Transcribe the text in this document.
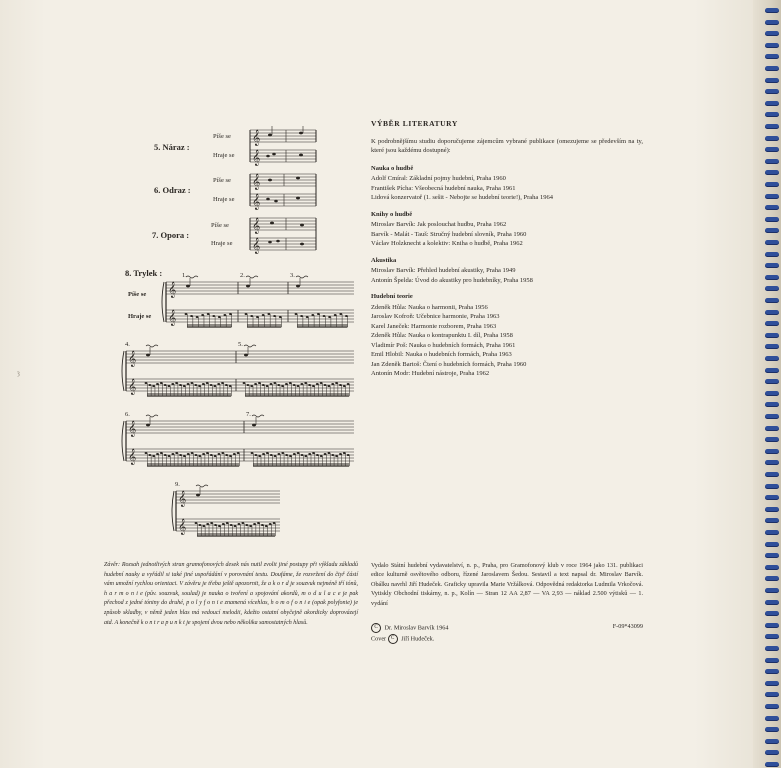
5. Náraz :
Píše se
Hraje se
𝄞
𝄞
6. Odraz :
Píše se
Hraje se
𝄞
𝄞
7. Opora :
Píše se
Hraje se
𝄞
𝄞
8. Trylek :
Píše se
Hraje se
𝄞
𝄞
𝄞
𝄞
𝄞
𝄞
𝄞
𝄞
1.	2.	3.
4.	5.
6.	7.
9.
ȝ
VÝBĚR LITERATURY
K podrobnějšímu studiu doporučujeme zájemcům vybrané publikace (omezujeme se především na ty, které jsou každému dostupné):
Nauka o hudbě
Adolf Cmíral: Základní pojmy hudební, Praha 1960
František Pícha: Všeobecná hudební nauka, Praha 1961
Lidová konzervatoř (1. sešit - Nebojte se hudební teorie!), Praha 1964
Knihy o hudbě
Miroslav Barvík: Jak poslouchat hudbu, Praha 1962
Barvík - Malát - Tauš: Stručný hudební slovník, Praha 1960
Václav Holzknecht a kolektiv: Kniha o hudbě, Praha 1962
Akustika
Miroslav Barvík: Přehled hudební akustiky, Praha 1949
Antonín Špelda: Úvod do akustiky pro hudebníky, Praha 1958
Hudební teorie
Zdeněk Hůla: Nauka o harmonii, Praha 1956
Jaroslav Kofroň: Učebnice harmonie, Praha 1963
Karel Janeček: Harmonie rozborem, Praha 1963
Zdeněk Hůla: Nauka o kontrapunktu I. díl, Praha 1958
Vladimír Poš: Nauka o hudebních formách, Praha 1961
Emil Hlobil: Nauka o hudebních formách, Praha 1963
Jan Zdeněk Bartoš: Čtení o hudebních formách, Praha 1960
Antonín Modr: Hudební nástroje, Praha 1962
Závěr: Rozsah jednotlivých stran gramofonových desek nás nutil zvolit jiné postupy při výkladu základů hudební nauky a vyřádil si také jiné uspořádání v porovnání textu. Doufáme, že rozvržení do čtyř částí vám umožní rychlou orientaci. V závěru je třeba ještě upozornit, že a k o r d je souzvuk nejméně tří tónů, h a r m o n i e (pův. souzvuk, soulad) je nauka o tvoření a spojování akordů, m o d u l a c e je pak přechod z jedné tóniny do druhé, p o l y f o n i e znamená vícehlas, h o m o f o n i e (opak polyfonie) je způsob skladby, v němž jeden hlas má vedoucí melodii, kdežto ostatní obyčejně akordicky doprovázejí atd. A konečně k o n t r a p u n k t je spojení dvou nebo několika samostatných hlasů.
Vydalo Státní hudební vydavatelství, n. p., Praha, pro Gramofonový klub v roce 1964 jako 131. publikaci edice kulturně osvětového odboru, řízené Jaroslavem Šedou. Sestavil a text napsal dr. Miroslav Barvík. Obálku navrhl Jiří Hudeček. Graficky upravila Marie Vržálková. Odpovědná redaktorka Ludmila Vrkočová. Vytiskly Obchodní tiskárny, n. p., Kolín — Stran 12 AA 2,87 — VA 2,93 — náklad 2.500 výtisků — 1. vydání
C Dr. Miroslav Barvík 1964	F-09*43099
Cover C Jiří Hudeček.
